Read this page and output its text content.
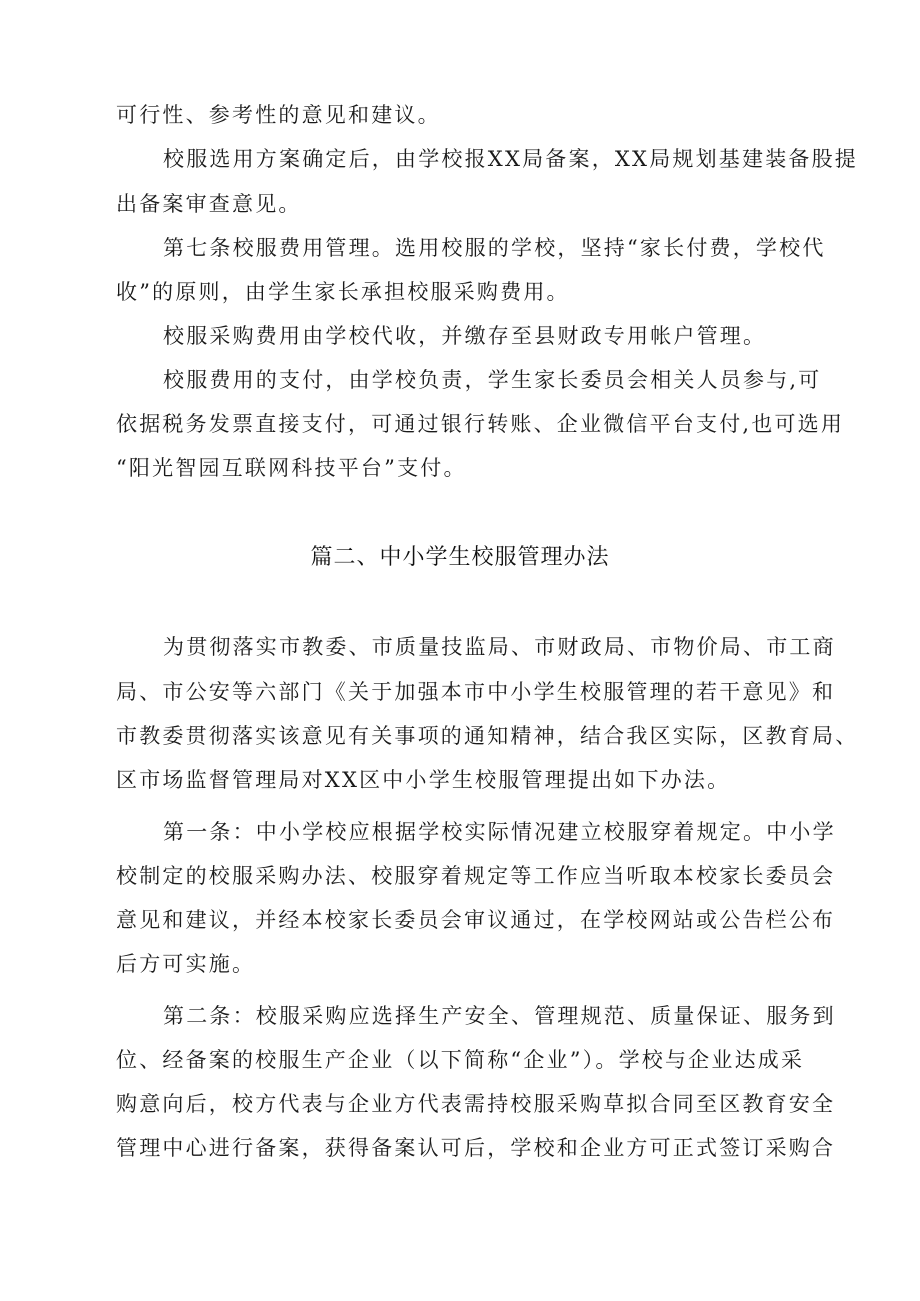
可行性、参考性的意见和建议。
校服选用方案确定后，由学校报XX局备案，XX局规划基建装备股提
出备案审查意见。
第七条校服费用管理。选用校服的学校，坚持“家长付费，学校代
收”的原则，由学生家长承担校服采购费用。
校服采购费用由学校代收，并缴存至县财政专用帐户管理。
校服费用的支付，由学校负责，学生家长委员会相关人员参与,可
依据税务发票直接支付，可通过银行转账、企业微信平台支付,也可选用
“阳光智园互联网科技平台”支付。
篇二、中小学生校服管理办法
为贯彻落实市教委、市质量技监局、市财政局、市物价局、市工商
局、市公安等六部门《关于加强本市中小学生校服管理的若干意见》和
市教委贯彻落实该意见有关事项的通知精神，结合我区实际，区教育局、
区市场监督管理局对XX区中小学生校服管理提出如下办法。
第一条：中小学校应根据学校实际情况建立校服穿着规定。中小学
校制定的校服采购办法、校服穿着规定等工作应当听取本校家长委员会
意见和建议，并经本校家长委员会审议通过，在学校网站或公告栏公布
后方可实施。
第二条：校服采购应选择生产安全、管理规范、质量保证、服务到
位、经备案的校服生产企业（以下简称“企业”）。学校与企业达成采
购意向后，校方代表与企业方代表需持校服采购草拟合同至区教育安全
管理中心进行备案，获得备案认可后，学校和企业方可正式签订采购合
